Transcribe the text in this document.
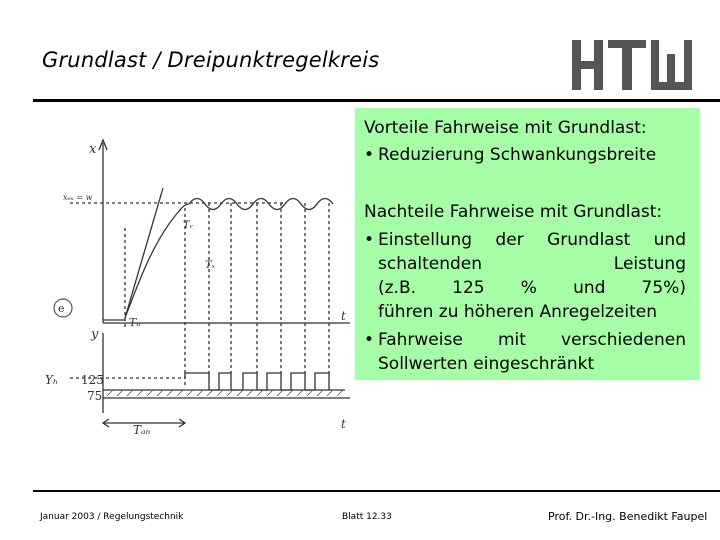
Grundlast / Dreipunktregelkreis
x
xₑᵤ = w
Tᵥ
Tₓ
e
Tᵤ	t
y
Yₕ 125
75
Tₐₙ	t
Vorteile Fahrweise mit Grundlast:
• Reduzierung Schwankungsbreite
Nachteile Fahrweise mit Grundlast:
• Einstellung der Grundlast und
schaltenden	Leistung
(z.B. 125 % und 75%)
führen zu höheren Anregelzeiten
• Fahrweise mit verschiedenen
Sollwerten eingeschränkt
Januar 2003 / Regelungstechnik	Blatt 12.33	Prof. Dr.-Ing. Benedikt Faupel
